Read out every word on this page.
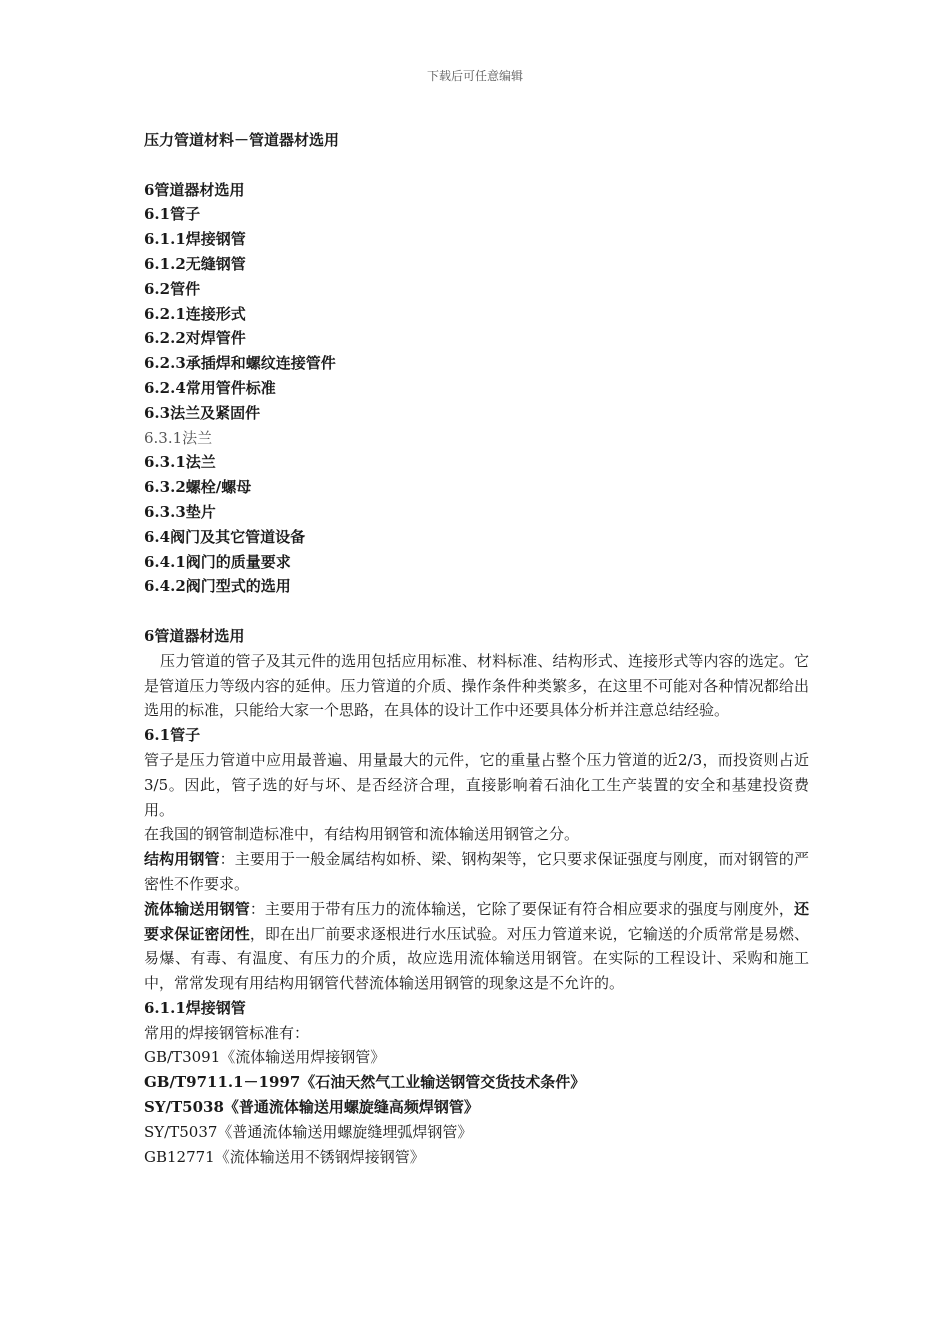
下载后可任意编辑

压力管道材料－管道器材选用

6管道器材选用

6.1管子

6.1.1焊接钢管

6.1.2无缝钢管

6.2管件

6.2.1连接形式

6.2.2对焊管件

6.2.3承插焊和螺纹连接管件

6.2.4常用管件标准

6.3法兰及紧固件

6.3.1法兰

6.3.1法兰

6.3.2螺栓/螺母

6.3.3垫片

6.4阀门及其它管道设备

6.4.1阀门的质量要求

6.4.2阀门型式的选用

6管道器材选用

压力管道的管子及其元件的选用包括应用标准、材料标准、结构形式、连接形式等内容的选定。它是管道压力等级内容的延伸。压力管道的介质、操作条件种类繁多，在这里不可能对各种情况都给出选用的标准，只能给大家一个思路，在具体的设计工作中还要具体分析并注意总结经验。

6.1管子

管子是压力管道中应用最普遍、用量最大的元件，它的重量占整个压力管道的近2/3，而投资则占近3/5。因此，管子选的好与坏、是否经济合理，直接影响着石油化工生产装置的安全和基建投资费用。

在我国的钢管制造标准中，有结构用钢管和流体输送用钢管之分。

结构用钢管：主要用于一般金属结构如桥、梁、钢构架等，它只要求保证强度与刚度，而对钢管的严密性不作要求。

流体输送用钢管：主要用于带有压力的流体输送，它除了要保证有符合相应要求的强度与刚度外，还要求保证密闭性，即在出厂前要求逐根进行水压试验。对压力管道来说，它输送的介质常常是易燃、易爆、有毒、有温度、有压力的介质，故应选用流体输送用钢管。在实际的工程设计、采购和施工中，常常发现有用结构用钢管代替流体输送用钢管的现象这是不允许的。

6.1.1焊接钢管

常用的焊接钢管标准有：

GB/T3091《流体输送用焊接钢管》

GB/T9711.1－1997《石油天然气工业输送钢管交货技术条件》

SY/T5038《普通流体输送用螺旋缝高频焊钢管》

SY/T5037《普通流体输送用螺旋缝埋弧焊钢管》

GB12771《流体输送用不锈钢焊接钢管》
